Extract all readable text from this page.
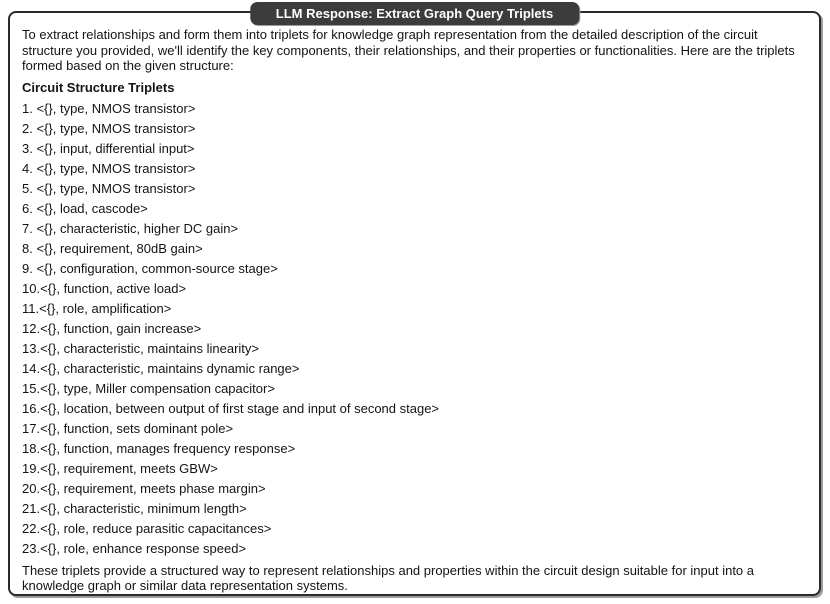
LLM Response: Extract Graph Query Triplets

To extract relationships and form them into triplets for knowledge graph representation from the detailed description of the circuit structure you provided, we'll identify the key components, their relationships, and their properties or functionalities. Here are the triplets formed based on the given structure:

Circuit Structure Triplets
1. <{}, type, NMOS transistor>
2. <{}, type, NMOS transistor>
3. <{}, input, differential input>
4. <{}, type, NMOS transistor>
5. <{}, type, NMOS transistor>
6. <{}, load, cascode>
7. <{}, characteristic, higher DC gain>
8. <{}, requirement, 80dB gain>
9. <{}, configuration, common-source stage>
10.<{}, function, active load>
11.<{}, role, amplification>
12.<{}, function, gain increase>
13.<{}, characteristic, maintains linearity>
14.<{}, characteristic, maintains dynamic range>
15.<{}, type, Miller compensation capacitor>
16.<{}, location, between output of first stage and input of second stage>
17.<{}, function, sets dominant pole>
18.<{}, function, manages frequency response>
19.<{}, requirement, meets GBW>
20.<{}, requirement, meets phase margin>
21.<{}, characteristic, minimum length>
22.<{}, role, reduce parasitic capacitances>
23.<{}, role, enhance response speed>

These triplets provide a structured way to represent relationships and properties within the circuit design suitable for input into a knowledge graph or similar data representation systems.
